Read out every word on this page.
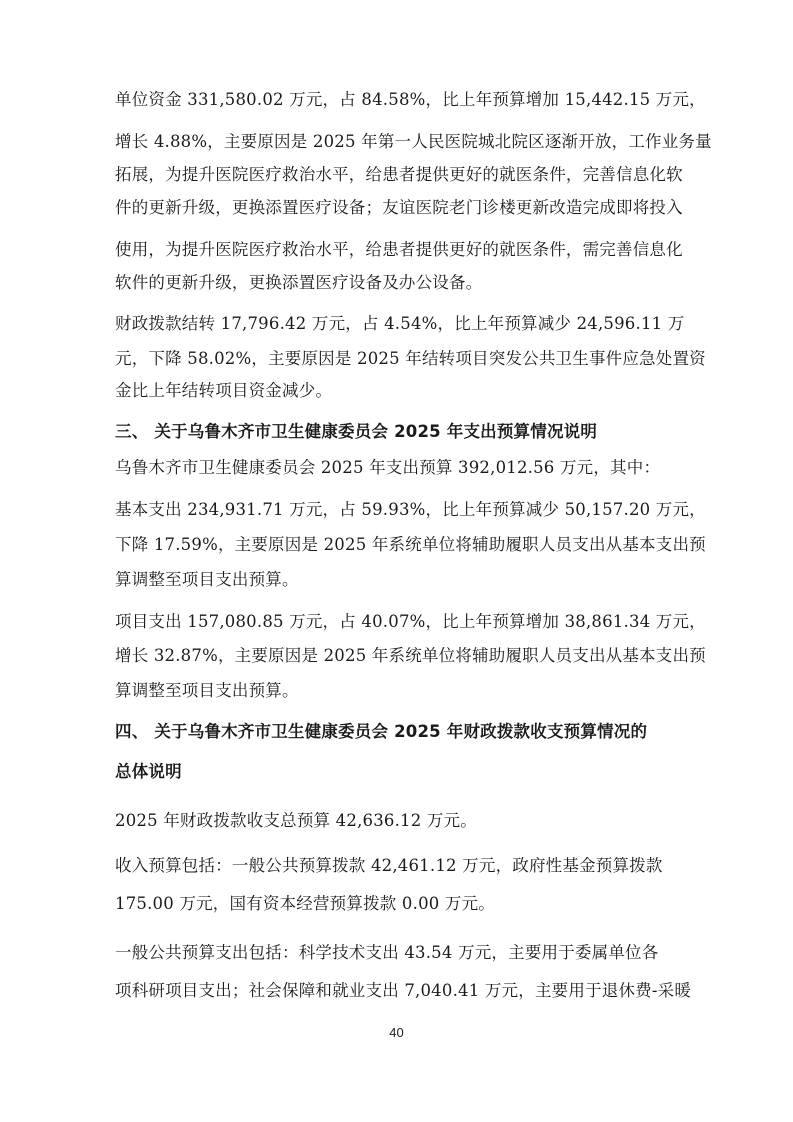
单位资金 331,580.02 万元，占 84.58%，比上年预算增加 15,442.15 万元，
增长 4.88%，主要原因是 2025 年第一人民医院城北院区逐渐开放，工作业务量
拓展，为提升医院医疗救治水平，给患者提供更好的就医条件，完善信息化软
件的更新升级，更换添置医疗设备；友谊医院老门诊楼更新改造完成即将投入
使用，为提升医院医疗救治水平，给患者提供更好的就医条件，需完善信息化
软件的更新升级，更换添置医疗设备及办公设备。
财政拨款结转 17,796.42 万元，占 4.54%，比上年预算减少 24,596.11 万
元，下降 58.02%，主要原因是 2025 年结转项目突发公共卫生事件应急处置资
金比上年结转项目资金减少。
三、 关于乌鲁木齐市卫生健康委员会 2025 年支出预算情况说明
乌鲁木齐市卫生健康委员会 2025 年支出预算 392,012.56 万元，其中：
基本支出 234,931.71 万元，占 59.93%，比上年预算减少 50,157.20 万元，
下降 17.59%，主要原因是 2025 年系统单位将辅助履职人员支出从基本支出预
算调整至项目支出预算。
项目支出 157,080.85 万元，占 40.07%，比上年预算增加 38,861.34 万元，
增长 32.87%，主要原因是 2025 年系统单位将辅助履职人员支出从基本支出预
算调整至项目支出预算。
四、 关于乌鲁木齐市卫生健康委员会 2025 年财政拨款收支预算情况的
总体说明
2025 年财政拨款收支总预算 42,636.12 万元。
收入预算包括：一般公共预算拨款 42,461.12 万元，政府性基金预算拨款
175.00 万元，国有资本经营预算拨款 0.00 万元。
一般公共预算支出包括：科学技术支出 43.54 万元，主要用于委属单位各
项科研项目支出；社会保障和就业支出 7,040.41 万元，主要用于退休费-采暖
40
